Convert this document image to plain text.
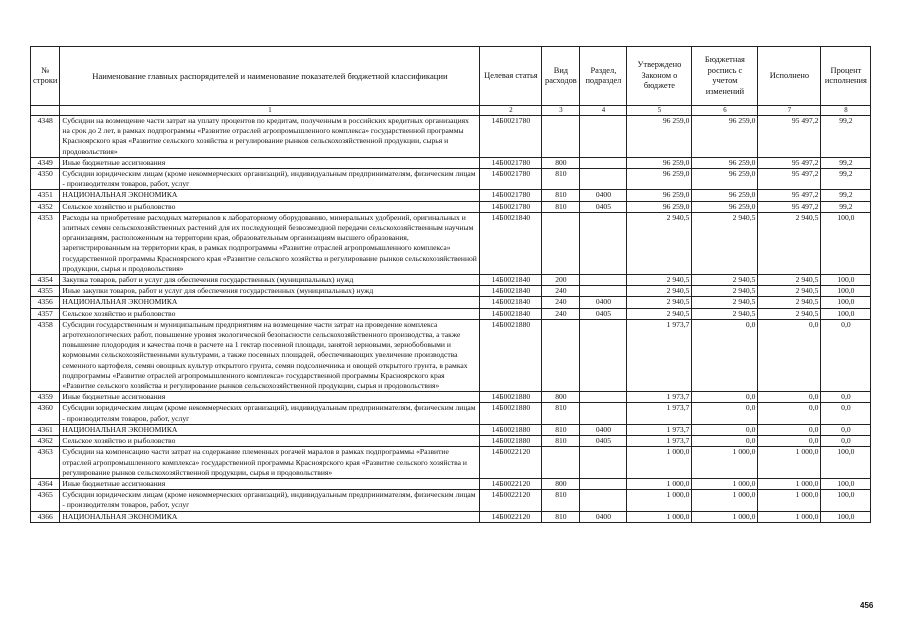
№ строки	Наименование главных распорядителей и наименование показателей бюджетной классификации	Целевая статья	Вид расходов	Раздел, подраздел	Утверждено Законом о бюджете	Бюджетная роспись с учетом изменений	Исполнено	Процент исполнения
	1	2	3	4	5	6	7	8
4348	Субсидии на возмещение части затрат на уплату процентов по кредитам, полученным в российских кредитных организациях на срок до 2 лет, в рамках подпрограммы «Развитие отраслей агропромышленного комплекса» государственной программы Красноярского края «Развитие сельского хозяйства и регулирование рынков сельскохозяйственной продукции, сырья и продовольствия»	14Б0021780			96 259,0	96 259,0	95 497,2	99,2
4349	Иные бюджетные ассигнования	14Б0021780	800		96 259,0	96 259,0	95 497,2	99,2
4350	Субсидии юридическим лицам (кроме некоммерческих организаций), индивидуальным предпринимателям, физическим лицам - производителям товаров, работ, услуг	14Б0021780	810		96 259,0	96 259,0	95 497,2	99,2
4351	НАЦИОНАЛЬНАЯ ЭКОНОМИКА	14Б0021780	810	0400	96 259,0	96 259,0	95 497,2	99,2
4352	Сельское хозяйство и рыболовство	14Б0021780	810	0405	96 259,0	96 259,0	95 497,2	99,2
4353	Расходы на приобретение расходных материалов к лабораторному оборудованию, минеральных удобрений, оригинальных и элитных семян сельскохозяйственных растений для их последующей безвозмездной передачи сельскохозяйственным научным организациям, расположенным на территории края, образовательным организациям высшего образования, зарегистрированным на территории края, в рамках подпрограммы «Развитие отраслей агропромышленного комплекса» государственной программы Красноярского края «Развитие сельского хозяйства и регулирование рынков сельскохозяйственной продукции, сырья и продовольствия»	14Б0021840			2 940,5	2 940,5	2 940,5	100,0
4354	Закупка товаров, работ и услуг для обеспечения государственных (муниципальных) нужд	14Б0021840	200		2 940,5	2 940,5	2 940,5	100,0
4355	Иные закупки товаров, работ и услуг для обеспечения государственных (муниципальных) нужд	14Б0021840	240		2 940,5	2 940,5	2 940,5	100,0
4356	НАЦИОНАЛЬНАЯ ЭКОНОМИКА	14Б0021840	240	0400	2 940,5	2 940,5	2 940,5	100,0
4357	Сельское хозяйство и рыболовство	14Б0021840	240	0405	2 940,5	2 940,5	2 940,5	100,0
4358	Субсидии государственным и муниципальным предприятиям на возмещение части затрат на проведение комплекса агротехнологических работ, повышение уровня экологической безопасности сельскохозяйственного производства, а также повышение плодородия и качества почв в расчете на 1 гектар посевной площади, занятой зерновыми, зернобобовыми и кормовыми сельскохозяйственными культурами, а также посевных площадей, обеспечивающих увеличение производства семенного картофеля, семян овощных культур открытого грунта, семян подсолнечника и овощей открытого грунта, в рамках подпрограммы «Развитие отраслей агропромышленного комплекса» государственной программы Красноярского края «Развитие сельского хозяйства и регулирование рынков сельскохозяйственной продукции, сырья и продовольствия»	14Б0021880			1 973,7	0,0	0,0	0,0
4359	Иные бюджетные ассигнования	14Б0021880	800		1 973,7	0,0	0,0	0,0
4360	Субсидии юридическим лицам (кроме некоммерческих организаций), индивидуальным предпринимателям, физическим лицам - производителям товаров, работ, услуг	14Б0021880	810		1 973,7	0,0	0,0	0,0
4361	НАЦИОНАЛЬНАЯ ЭКОНОМИКА	14Б0021880	810	0400	1 973,7	0,0	0,0	0,0
4362	Сельское хозяйство и рыболовство	14Б0021880	810	0405	1 973,7	0,0	0,0	0,0
4363	Субсидии на компенсацию части затрат на содержание племенных рогачей маралов в рамках подпрограммы «Развитие отраслей агропромышленного комплекса» государственной программы Красноярского края «Развитие сельского хозяйства и регулирование рынков сельскохозяйственной продукции, сырья и продовольствия»	14Б0022120			1 000,0	1 000,0	1 000,0	100,0
4364	Иные бюджетные ассигнования	14Б0022120	800		1 000,0	1 000,0	1 000,0	100,0
4365	Субсидии юридическим лицам (кроме некоммерческих организаций), индивидуальным предпринимателям, физическим лицам - производителям товаров, работ, услуг	14Б0022120	810		1 000,0	1 000,0	1 000,0	100,0
4366	НАЦИОНАЛЬНАЯ ЭКОНОМИКА	14Б0022120	810	0400	1 000,0	1 000,0	1 000,0	100,0
456
